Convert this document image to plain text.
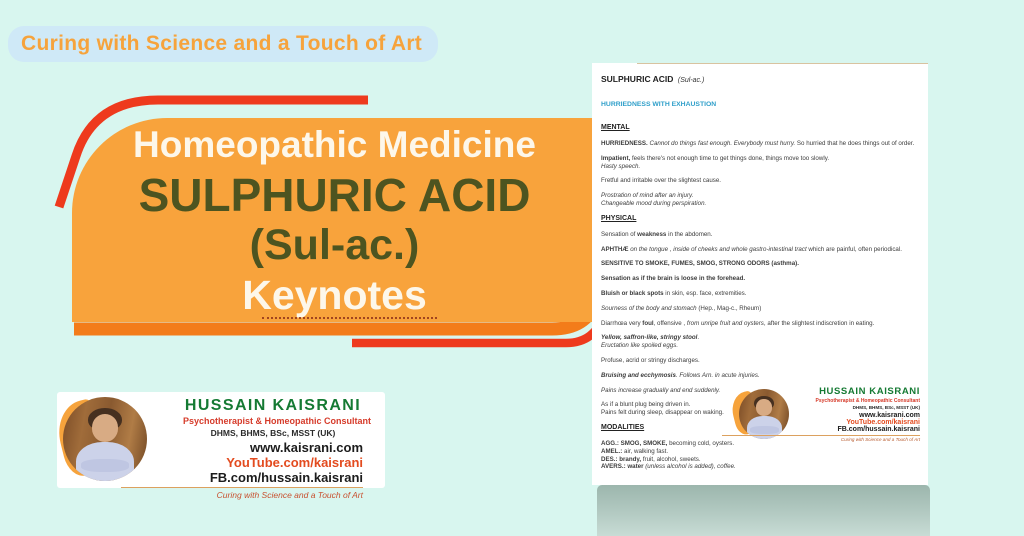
Curing with Science and a Touch of Art
Homeopathic Medicine
SULPHURIC ACID
(Sul-ac.)
Keynotes

SULPHURIC ACID (Sul-ac.)

HURRIEDNESS WITH EXHAUSTION

MENTAL

HURRIEDNESS. Cannot do things fast enough. Everybody must hurry. So hurried that he does things out of order.

Impatient, feels there's not enough time to get things done, things move too slowly.

Hasty speech.

Fretful and irritable over the slightest cause.

Prostration of mind after an injury.

Changeable mood during perspiration.

PHYSICAL

Sensation of weakness in the abdomen.

APHTHÆ on the tongue , inside of cheeks and whole gastro-intestinal tract which are painful, often periodical.

SENSITIVE TO SMOKE, FUMES, SMOG, STRONG ODORS (asthma).

Sensation as if the brain is loose in the forehead.

Bluish or black spots in skin, esp. face, extremities.

Sourness of the body and stomach (Hep., Mag-c., Rheum)

Diarrhœa very foul, offensive , from unripe fruit and oysters, after the slightest indiscretion in eating.

Yellow, saffron-like, stringy stool.

Eructation like spoiled eggs.

Profuse, acrid or stringy discharges.

Bruising and ecchymosis. Follows Arn. in acute injuries.

Pains increase gradually and end suddenly.

As if a blunt plug being driven in.

Pains felt during sleep, disappear on waking.

MODALITIES

AGG.: SMOG, SMOKE, becoming cold, oysters.

AMEL.: air, walking fast.

DES.: brandy, fruit, alcohol, sweets.

AVERS.: water (unless alcohol is added), coffee.

HUSSAIN KAISRANI
Psychotherapist & Homeopathic Consultant
DHMS, BHMS, BSc, MSST (UK)
www.kaisrani.com
YouTube.com/kaisrani
FB.com/hussain.kaisrani
Curing with Science and a Touch of Art
HUSSAIN KAISRANI
Psychotherapist & Homeopathic Consultant
DHMS, BHMS, BSc, MSST (UK)
www.kaisrani.com
YouTube.com/kaisrani
FB.com/hussain.kaisrani
Curing with Science and a Touch of Art
